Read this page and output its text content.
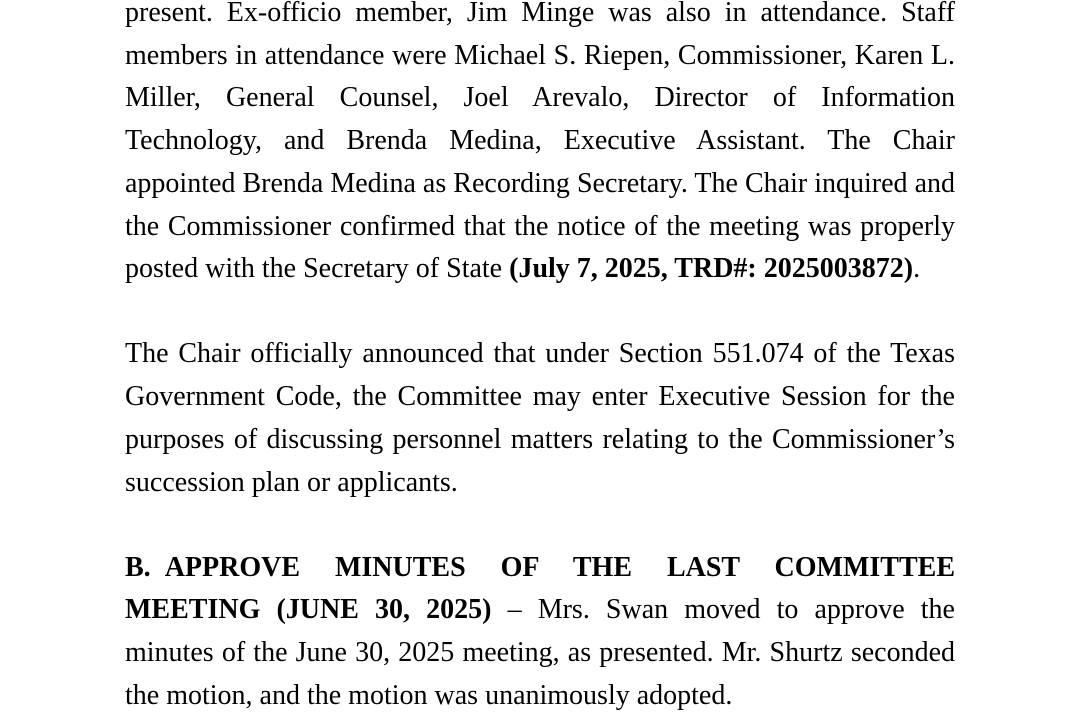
present. Ex-officio member, Jim Minge was also in attendance. Staff members in attendance were Michael S. Riepen, Commissioner, Karen L. Miller, General Counsel, Joel Arevalo, Director of Information Technology, and Brenda Medina, Executive Assistant. The Chair appointed Brenda Medina as Recording Secretary. The Chair inquired and the Commissioner confirmed that the notice of the meeting was properly posted with the Secretary of State (July 7, 2025, TRD#: 2025003872).

The Chair officially announced that under Section 551.074 of the Texas Government Code, the Committee may enter Executive Session for the purposes of discussing personnel matters relating to the Commissioner’s succession plan or applicants.

B. APPROVE MINUTES OF THE LAST COMMITTEE MEETING (JUNE 30, 2025) – Mrs. Swan moved to approve the minutes of the June 30, 2025 meeting, as presented. Mr. Shurtz seconded the motion, and the motion was unanimously adopted.
